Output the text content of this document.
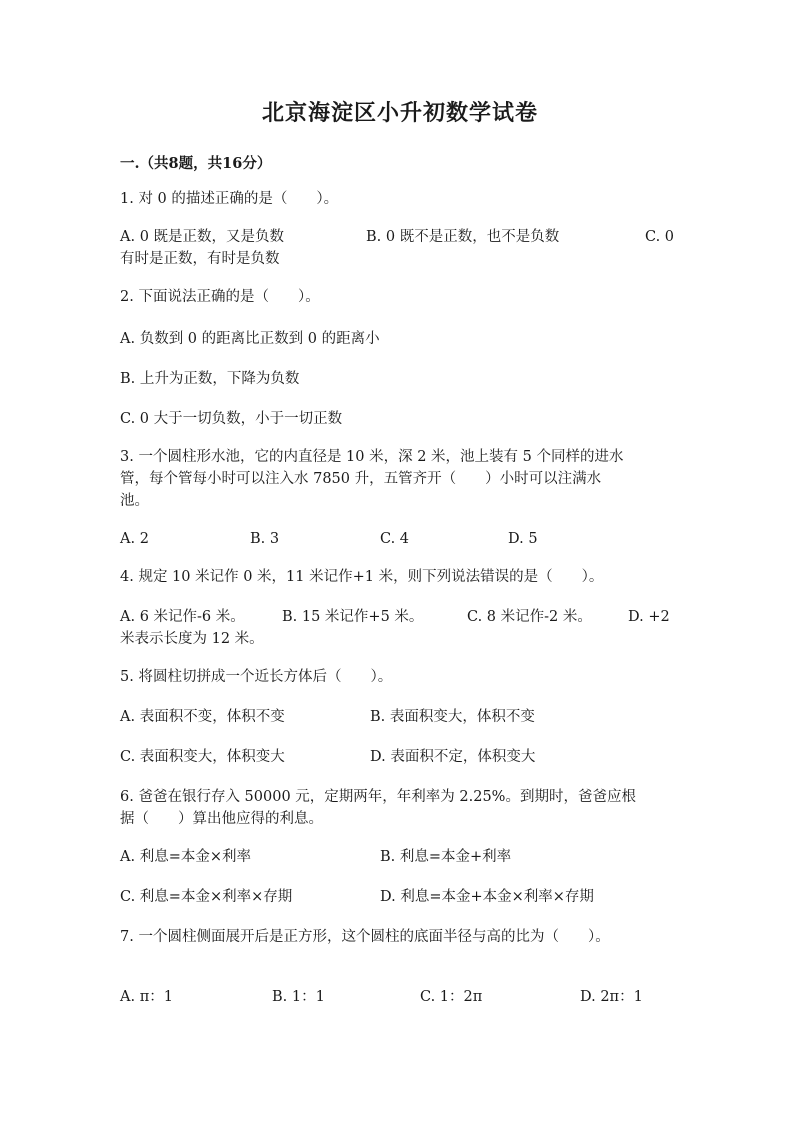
北京海淀区小升初数学试卷
一.（共8题，共16分）
1. 对 0 的描述正确的是（　　）。
A. 0 既是正数，又是负数	B. 0 既不是正数，也不是负数	C. 0
有时是正数，有时是负数
2. 下面说法正确的是（　　）。
A. 负数到 0 的距离比正数到 0 的距离小
B. 上升为正数，下降为负数
C. 0 大于一切负数，小于一切正数
3. 一个圆柱形水池，它的内直径是 10 米，深 2 米，池上装有 5 个同样的进水
管，每个管每小时可以注入水 7850 升，五管齐开（　　）小时可以注满水
池。
A. 2	B. 3	C. 4	D. 5
4. 规定 10 米记作 0 米，11 米记作+1 米，则下列说法错误的是（　　）。
A. 6 米记作-6 米。	B. 15 米记作+5 米。	C. 8 米记作-2 米。 D. +2
米表示长度为 12 米。
5. 将圆柱切拼成一个近长方体后（　　）。
A. 表面积不变，体积不变	B. 表面积变大，体积不变
C. 表面积变大，体积变大	D. 表面积不定，体积变大
6. 爸爸在银行存入 50000 元，定期两年，年利率为 2.25%。到期时，爸爸应根
据（　　）算出他应得的利息。
A. 利息=本金×利率	B. 利息=本金+利率
C. 利息=本金×利率×存期	D. 利息=本金+本金×利率×存期
7. 一个圆柱侧面展开后是正方形，这个圆柱的底面半径与高的比为（　　）。
A. π：1	B. 1：1	C. 1：2π	D. 2π：1
